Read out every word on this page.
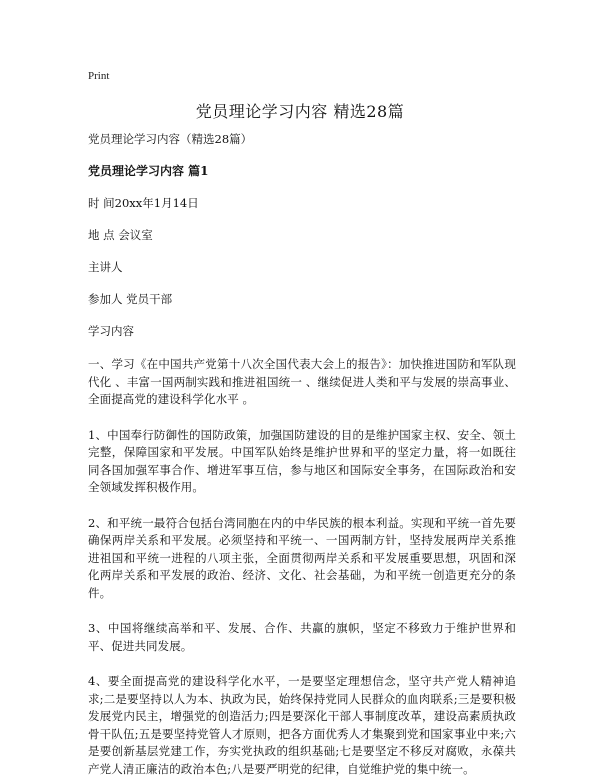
Print
党员理论学习内容 精选28篇

党员理论学习内容（精选28篇）

党员理论学习内容 篇1

时 间20xx年1月14日

地 点 会议室

主讲人

参加人 党员干部

学习内容

一、学习《在中国共产党第十八次全国代表大会上的报告》：加快推进国防和军队现代化 、丰富一国两制实践和推进祖国统一 、继续促进人类和平与发展的崇高事业、全面提高党的建设科学化水平 。

1、中国奉行防御性的国防政策，加强国防建设的目的是维护国家主权、安全、领土完整，保障国家和平发展。中国军队始终是维护世界和平的坚定力量，将一如既往同各国加强军事合作、增进军事互信，参与地区和国际安全事务，在国际政治和安全领域发挥积极作用。

2、和平统一最符合包括台湾同胞在内的中华民族的根本利益。实现和平统一首先要确保两岸关系和平发展。必须坚持和平统一、一国两制方针，坚持发展两岸关系推进祖国和平统一进程的八项主张，全面贯彻两岸关系和平发展重要思想，巩固和深化两岸关系和平发展的政治、经济、文化、社会基础，为和平统一创造更充分的条件。

3、中国将继续高举和平、发展、合作、共赢的旗帜，坚定不移致力于维护世界和平、促进共同发展。

4、要全面提高党的建设科学化水平，一是要坚定理想信念，坚守共产党人精神追求;二是要坚持以人为本、执政为民，始终保持党同人民群众的血肉联系;三是要积极发展党内民主，增强党的创造活力;四是要深化干部人事制度改革，建设高素质执政骨干队伍;五是要坚持党管人才原则，把各方面优秀人才集聚到党和国家事业中来;六是要创新基层党建工作，夯实党执政的组织基础;七是要坚定不移反对腐败，永葆共产党人清正廉洁的政治本色;八是要严明党的纪律，自觉维护党的集中统一。
